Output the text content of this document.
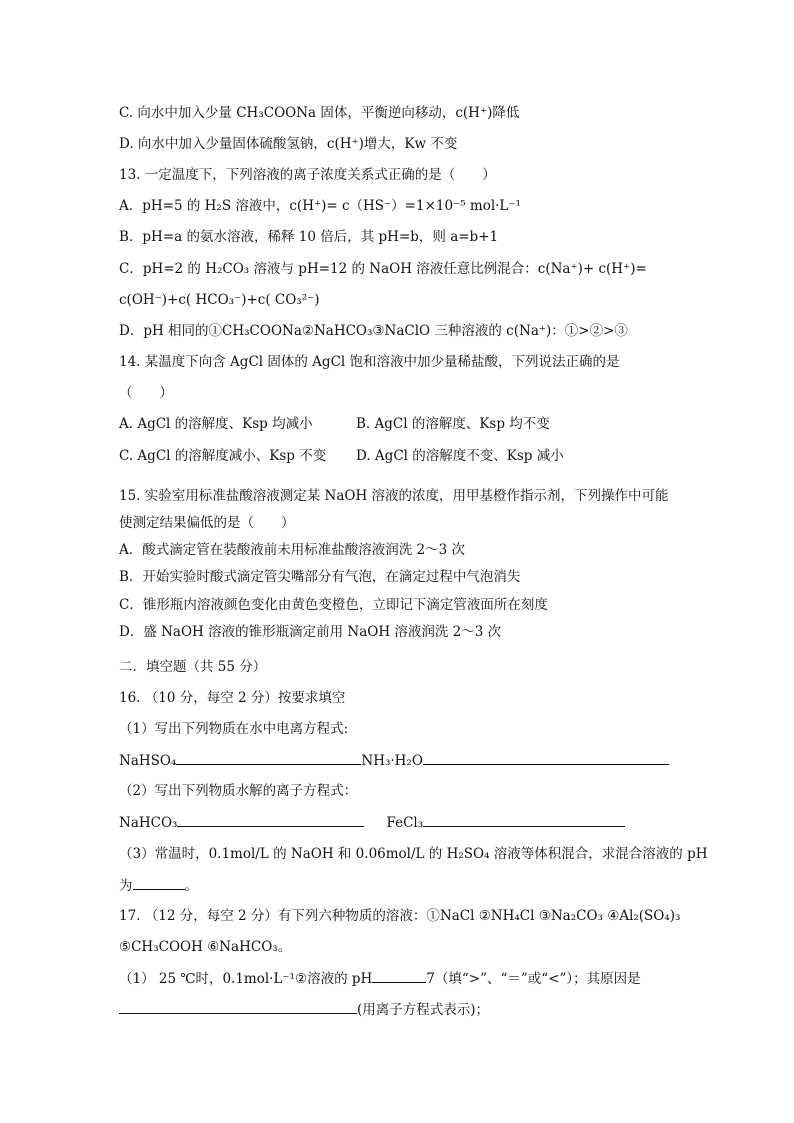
C. 向水中加入少量 CH₃COONa 固体，平衡逆向移动，c(H⁺)降低
D. 向水中加入少量固体硫酸氢钠，c(H⁺)增大，Kw 不变
13. 一定温度下，下列溶液的离子浓度关系式正确的是（　　）
A．pH=5 的 H₂S 溶液中，c(H⁺)= c（HS⁻）=1×10⁻⁵ mol·L⁻¹
B．pH=a 的氨水溶液，稀释 10 倍后，其 pH=b，则 a=b+1
C．pH=2 的 H₂CO₃ 溶液与 pH=12 的 NaOH 溶液任意比例混合：c(Na⁺)+ c(H⁺)=
c(OH⁻)+c( HCO₃⁻)+c( CO₃²⁻)
D．pH 相同的①CH₃COONa②NaHCO₃③NaClO 三种溶液的 c(Na⁺)：①>②>③
14. 某温度下向含 AgCl 固体的 AgCl 饱和溶液中加少量稀盐酸，下列说法正确的是
（　　）
A. AgCl 的溶解度、Ksp 均减小	B. AgCl 的溶解度、Ksp 均不变
C. AgCl 的溶解度减小、Ksp 不变 D. AgCl 的溶解度不变、Ksp 减小
15. 实验室用标准盐酸溶液测定某 NaOH 溶液的浓度，用甲基橙作指示剂，下列操作中可能
使测定结果偏低的是（　　）
A．酸式滴定管在装酸液前未用标准盐酸溶液润洗 2～3 次
B．开始实验时酸式滴定管尖嘴部分有气泡，在滴定过程中气泡消失
C．锥形瓶内溶液颜色变化由黄色变橙色，立即记下滴定管液面所在刻度
D．盛 NaOH 溶液的锥形瓶滴定前用 NaOH 溶液润洗 2～3 次
二．填空题（共 55 分）
16. （10 分，每空 2 分）按要求填空
（1）写出下列物质在水中电离方程式:
NaHSO₄	NH₃·H₂O
（2）写出下列物质水解的离子方程式：
NaHCO₃	FeCl₃
（3）常温时，0.1mol/L 的 NaOH 和 0.06mol/L 的 H₂SO₄ 溶液等体积混合，求混合溶液的 pH
为	。
17. （12 分，每空 2 分）有下列六种物质的溶液：①NaCl ②NH₄Cl ③Na₂CO₃ ④Al₂(SO₄)₃
⑤CH₃COOH ⑥NaHCO₃。
（1） 25 ℃时，0.1mol·L⁻¹②溶液的 pH	7（填“>”、“＝”或“<”）；其原因是
(用离子方程式表示)；
